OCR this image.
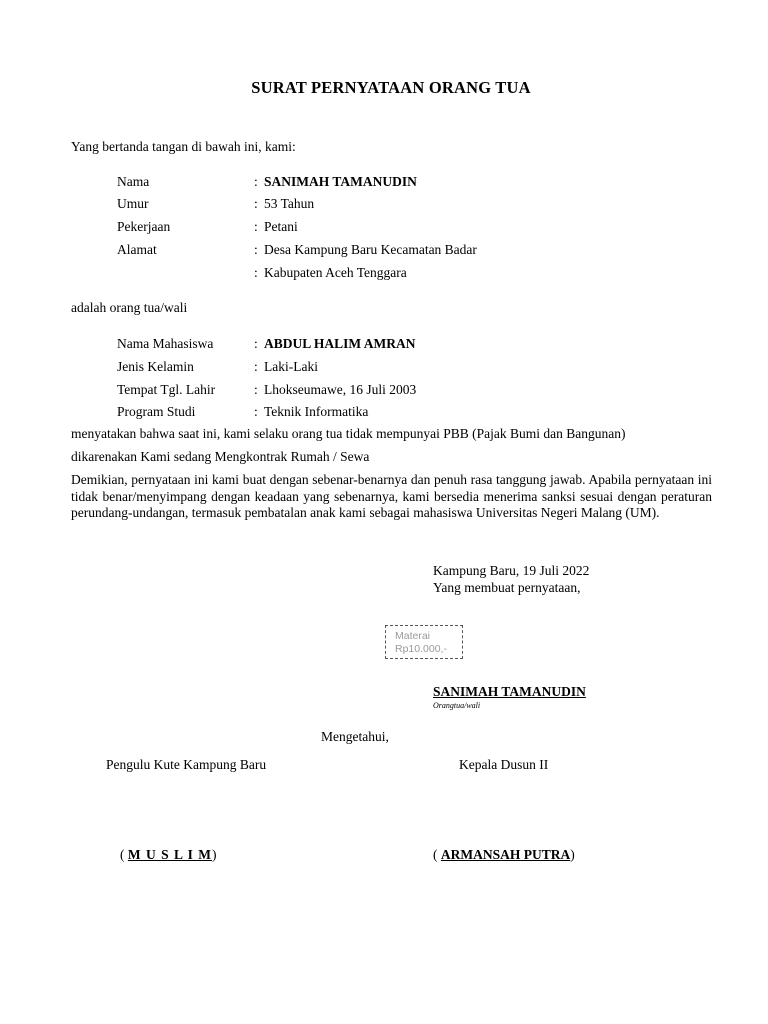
SURAT PERNYATAAN ORANG TUA
Yang bertanda tangan di bawah ini, kami:
Nama	: SANIMAH TAMANUDIN
Umur	: 53 Tahun
Pekerjaan	: Petani
Alamat	: Desa Kampung Baru Kecamatan Badar
: Kabupaten Aceh Tenggara
adalah orang tua/wali
Nama Mahasiswa	: ABDUL HALIM AMRAN
Jenis Kelamin	: Laki-Laki
Tempat Tgl. Lahir	: Lhokseumawe, 16 Juli 2003
Program Studi	: Teknik Informatika
menyatakan bahwa saat ini, kami selaku orang tua tidak mempunyai PBB (Pajak Bumi dan Bangunan)
dikarenakan Kami sedang Mengkontrak Rumah / Sewa
Demikian, pernyataan ini kami buat dengan sebenar-benarnya dan penuh rasa tanggung jawab. Apabila pernyataan ini tidak benar/menyimpang dengan keadaan yang sebenarnya, kami bersedia menerima sanksi sesuai dengan peraturan perundang-undangan, termasuk pembatalan anak kami sebagai mahasiswa Universitas Negeri Malang (UM).
Kampung Baru, 19 Juli 2022
Yang membuat pernyataan,
Materai
Rp10.000,-
SANIMAH TAMANUDIN
Orangtua/wali
Mengetahui,
Pengulu Kute Kampung Baru	Kepala Dusun II
( M U S L I M)	( ARMANSAH PUTRA)
